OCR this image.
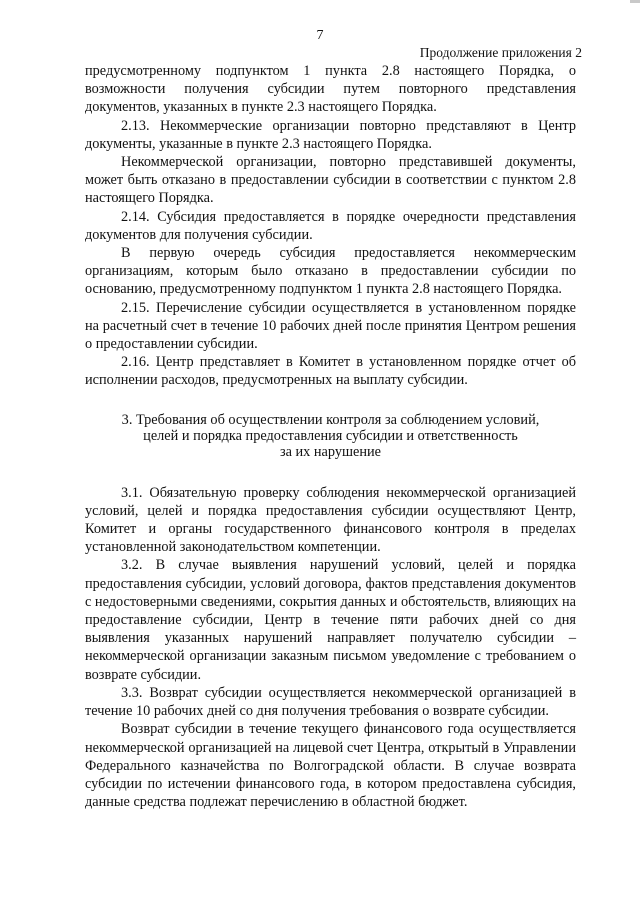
7
Продолжение приложения 2

предусмотренному подпунктом 1 пункта 2.8 настоящего Порядка, о возможности получения субсидии путем повторного представления документов, указанных в пункте 2.3 настоящего Порядка.

2.13. Некоммерческие организации повторно представляют в Центр документы, указанные в пункте 2.3 настоящего Порядка.

Некоммерческой организации, повторно представившей документы, может быть отказано в предоставлении субсидии в соответствии с пунктом 2.8 настоящего Порядка.

2.14. Субсидия предоставляется в порядке очередности представления документов для получения субсидии.

В первую очередь субсидия предоставляется некоммерческим организациям, которым было отказано в предоставлении субсидии по основанию, предусмотренному подпунктом 1 пункта 2.8 настоящего Порядка.

2.15. Перечисление субсидии осуществляется в установленном порядке на расчетный счет в течение 10 рабочих дней после принятия Центром решения о предоставлении субсидии.

2.16. Центр представляет в Комитет в установленном порядке отчет об исполнении расходов, предусмотренных на выплату субсидии.

3. Требования об осуществлении контроля за соблюдением условий,
целей и порядка предоставления субсидии и ответственность
за их нарушение

3.1. Обязательную проверку соблюдения некоммерческой организацией условий, целей и порядка предоставления субсидии осуществляют Центр, Комитет и органы государственного финансового контроля в пределах установленной законодательством компетенции.

3.2. В случае выявления нарушений условий, целей и порядка предоставления субсидии, условий договора, фактов представления документов с недостоверными сведениями, сокрытия данных и обстоятельств, влияющих на предоставление субсидии, Центр в течение пяти рабочих дней со дня выявления указанных нарушений направляет получателю субсидии – некоммерческой организации заказным письмом уведомление с требованием о возврате субсидии.

3.3. Возврат субсидии осуществляется некоммерческой организацией в течение 10 рабочих дней со дня получения требования о возврате субсидии.

Возврат субсидии в течение текущего финансового года осуществляется некоммерческой организацией на лицевой счет Центра, открытый в Управлении Федерального казначейства по Волгоградской области. В случае возврата субсидии по истечении финансового года, в котором предоставлена субсидия, данные средства подлежат перечислению в областной бюджет.
